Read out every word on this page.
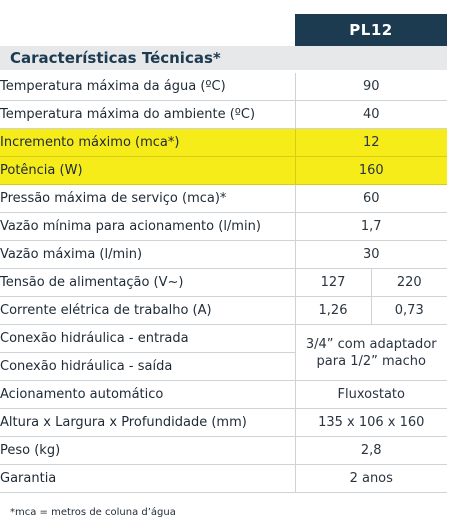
PL12
Características Técnicas*
Temperatura máxima da água (ºC)	90	
Temperatura máxima do ambiente (ºC)	40	
Incremento máximo (mca*)	12	
Potência (W)	160	
Pressão máxima de serviço (mca)*	60	
Vazão mínima para acionamento (l/min)	1,7	
Vazão máxima (l/min)	30	
Tensão de alimentação (V~)	127	220
Corrente elétrica de trabalho (A)	1,26	0,73
Conexão hidráulica - entrada	3/4” com adaptador para 1/2” macho	
Conexão hidráulica - saída		
Acionamento automático	Fluxostato	
Altura x Largura x Profundidade (mm)	135 x 106 x 160	
Peso (kg)	2,8	
Garantia	2 anos	
*mca = metros de coluna d’água
